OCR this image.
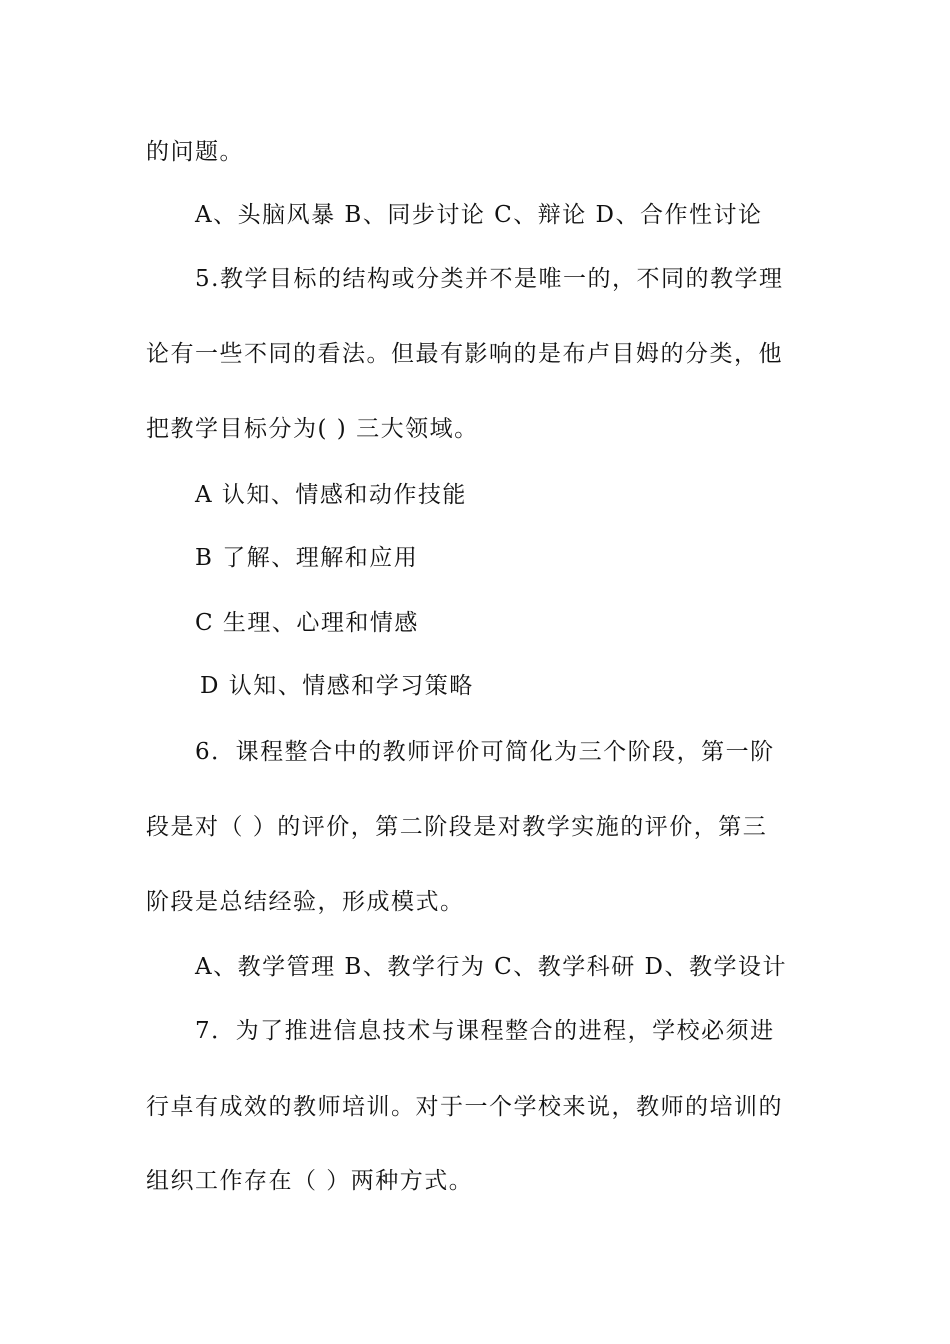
的问题。
A、头脑风暴 B、同步讨论 C、辩论 D、合作性讨论
5.教学目标的结构或分类并不是唯一的，不同的教学理
论有一些不同的看法。但最有影响的是布卢目姆的分类，他
把教学目标分为( ) 三大领域。
A 认知、情感和动作技能
B 了解、理解和应用
C 生理、心理和情感
D 认知、情感和学习策略
6．课程整合中的教师评价可简化为三个阶段，第一阶
段是对（ ）的评价，第二阶段是对教学实施的评价，第三
阶段是总结经验，形成模式。
A、教学管理 B、教学行为 C、教学科研 D、教学设计
7．为了推进信息技术与课程整合的进程，学校必须进
行卓有成效的教师培训。对于一个学校来说，教师的培训的
组织工作存在（ ）两种方式。
